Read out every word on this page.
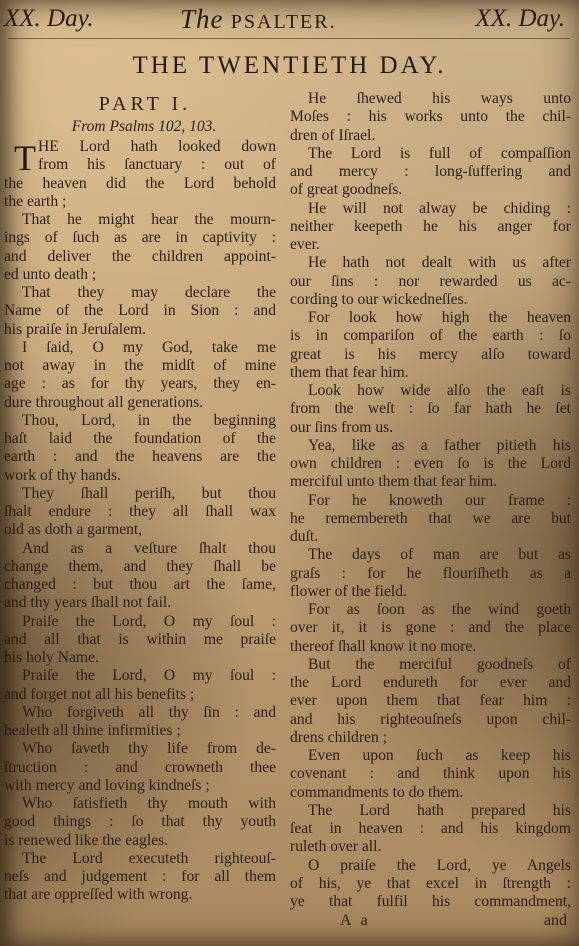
XX. Day.	The PSALTER.	XX. Day.
THE TWENTIETH DAY.
PART I.
From Psalms 102, 103.
T HE Lord hath looked down
from his ſanctuary : out of
the heaven did the Lord behold
the earth ;
That he might hear the mourn-
ings of ſuch as are in captivity :
and deliver the children appoint-
ed unto death ;
That they may declare the
Name of the Lord in Sion : and
his praiſe in Jeruſalem.
I ſaid, O my God, take me
not away in the midſt of mine
age : as for thy years, they en-
dure throughout all generations.
Thou, Lord, in the beginning
haſt laid the foundation of the
earth : and the heavens are the
work of thy hands.
They ſhall periſh, but thou
ſhalt endure : they all ſhall wax
old as doth a garment,
And as a veſture ſhalt thou
change them, and they ſhall be
changed : but thou art the ſame,
and thy years ſhall not fail.
Praiſe the Lord, O my ſoul :
and all that is within me praiſe
his holy Name.
Praiſe the Lord, O my ſoul :
and forget not all his benefits ;
Who forgiveth all thy ſin : and
healeth all thine infirmities ;
Who ſaveth thy life from de-
ſtruction : and crowneth thee
with mercy and loving kindneſs ;
Who ſatisfieth thy mouth with
good things : ſo that thy youth
is renewed like the eagles.
The Lord executeth righteouſ-
neſs and judgement : for all them
that are oppreſſed with wrong.
He ſhewed his ways unto
Moſes : his works unto the chil-
dren of Iſrael.
The Lord is full of compaſſion
and mercy : long-ſuffering and
of great goodneſs.
He will not alway be chiding :
neither keepeth he his anger for
ever.
He hath not dealt with us after
our ſins : nor rewarded us ac-
cording to our wickedneſſes.
For look how high the heaven
is in compariſon of the earth : ſo
great is his mercy alſo toward
them that fear him.
Look how wide alſo the eaſt is
from the weſt : ſo far hath he ſet
our ſins from us.
Yea, like as a father pitieth his
own children : even ſo is the Lord
merciful unto them that fear him.
For he knoweth our frame :
he remembereth that we are but
duſt.
The days of man are but as
graſs : for he flouriſheth as a
flower of the field.
For as ſoon as the wind goeth
over it, it is gone : and the place
thereof ſhall know it no more.
But the merciful goodneſs of
the Lord endureth for ever and
ever upon them that fear him :
and his righteouſneſs upon chil-
drens children ;
Even upon ſuch as keep his
covenant : and think upon his
commandments to do them.
The Lord hath prepared his
ſeat in heaven : and his kingdom
ruleth over all.
O praiſe the Lord, ye Angels
of his, ye that excel in ſtrength :
ye that fulfil his commandment,
A a	and
